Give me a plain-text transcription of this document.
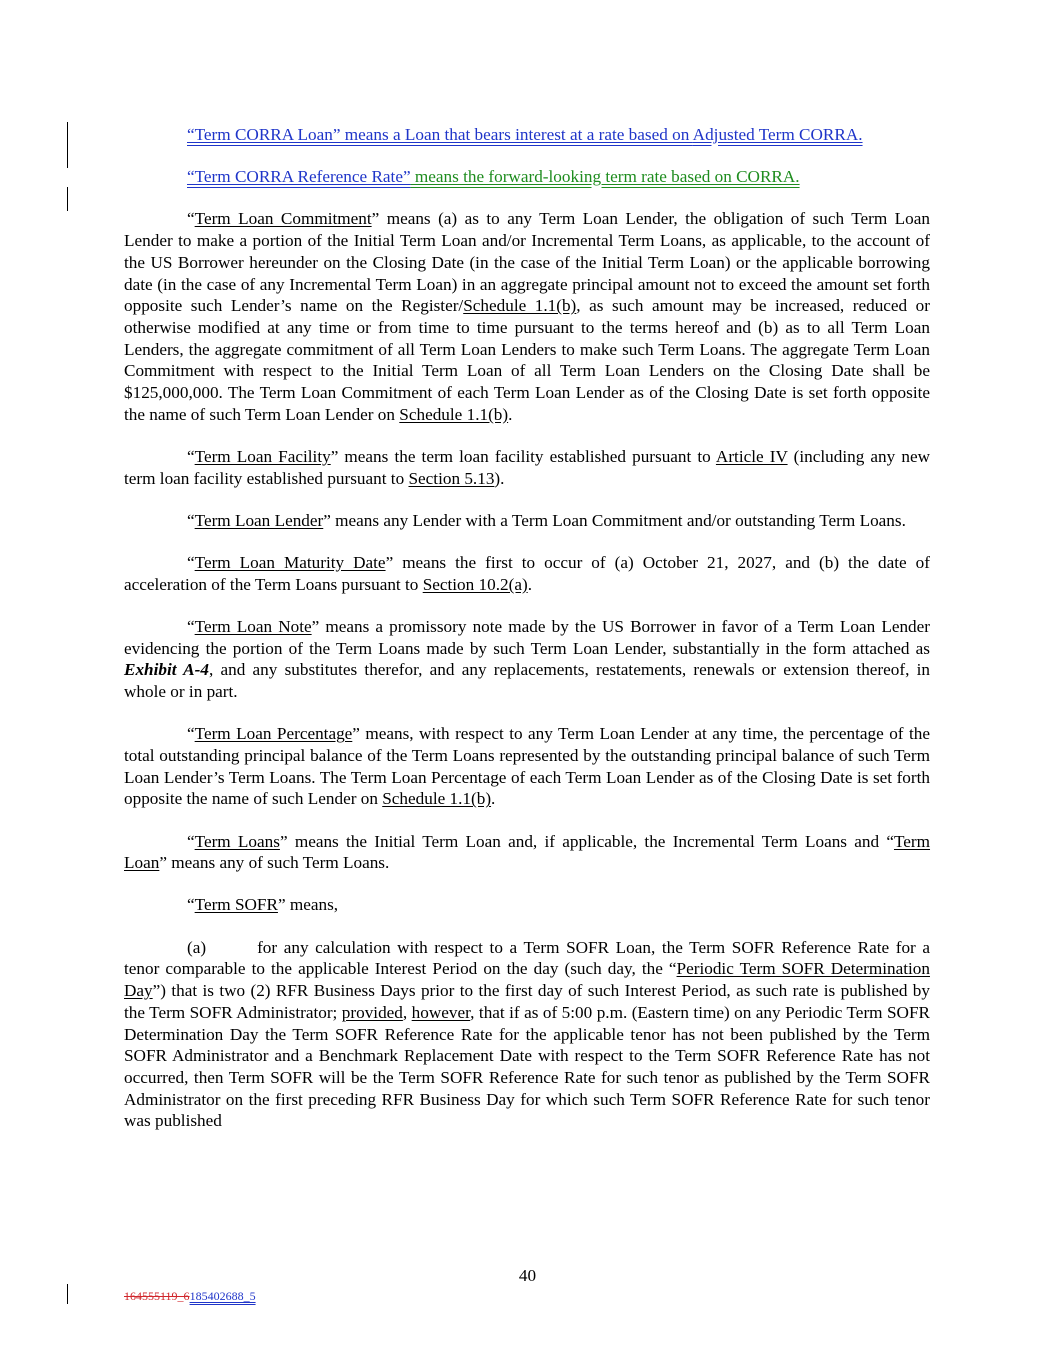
“Term CORRA Loan” means a Loan that bears interest at a rate based on Adjusted Term CORRA.

“Term CORRA Reference Rate” means the forward-looking term rate based on CORRA.

“Term Loan Commitment” means (a) as to any Term Loan Lender, the obligation of such Term Loan Lender to make a portion of the Initial Term Loan and/or Incremental Term Loans, as applicable, to the account of the US Borrower hereunder on the Closing Date (in the case of the Initial Term Loan) or the applicable borrowing date (in the case of any Incremental Term Loan) in an aggregate principal amount not to exceed the amount set forth opposite such Lender’s name on the Register/Schedule 1.1(b), as such amount may be increased, reduced or otherwise modified at any time or from time to time pursuant to the terms hereof and (b) as to all Term Loan Lenders, the aggregate commitment of all Term Loan Lenders to make such Term Loans. The aggregate Term Loan Commitment with respect to the Initial Term Loan of all Term Loan Lenders on the Closing Date shall be $125,000,000. The Term Loan Commitment of each Term Loan Lender as of the Closing Date is set forth opposite the name of such Term Loan Lender on Schedule 1.1(b).

“Term Loan Facility” means the term loan facility established pursuant to Article IV (including any new term loan facility established pursuant to Section 5.13).

“Term Loan Lender” means any Lender with a Term Loan Commitment and/or outstanding Term Loans.

“Term Loan Maturity Date” means the first to occur of (a) October 21, 2027, and (b) the date of acceleration of the Term Loans pursuant to Section 10.2(a).

“Term Loan Note” means a promissory note made by the US Borrower in favor of a Term Loan Lender evidencing the portion of the Term Loans made by such Term Loan Lender, substantially in the form attached as Exhibit A-4, and any substitutes therefor, and any replacements, restatements, renewals or extension thereof, in whole or in part.

“Term Loan Percentage” means, with respect to any Term Loan Lender at any time, the percentage of the total outstanding principal balance of the Term Loans represented by the outstanding principal balance of such Term Loan Lender’s Term Loans. The Term Loan Percentage of each Term Loan Lender as of the Closing Date is set forth opposite the name of such Lender on Schedule 1.1(b).

“Term Loans” means the Initial Term Loan and, if applicable, the Incremental Term Loans and “Term Loan” means any of such Term Loans.

“Term SOFR” means,

(a)	for any calculation with respect to a Term SOFR Loan, the Term SOFR Reference Rate for a tenor comparable to the applicable Interest Period on the day (such day, the “Periodic Term SOFR Determination Day”) that is two (2) RFR Business Days prior to the first day of such Interest Period, as such rate is published by the Term SOFR Administrator; provided, however, that if as of 5:00 p.m. (Eastern time) on any Periodic Term SOFR Determination Day the Term SOFR Reference Rate for the applicable tenor has not been published by the Term SOFR Administrator and a Benchmark Replacement Date with respect to the Term SOFR Reference Rate has not occurred, then Term SOFR will be the Term SOFR Reference Rate for such tenor as published by the Term SOFR Administrator on the first preceding RFR Business Day for which such Term SOFR Reference Rate for such tenor was published

40
164555119_6185402688_5
